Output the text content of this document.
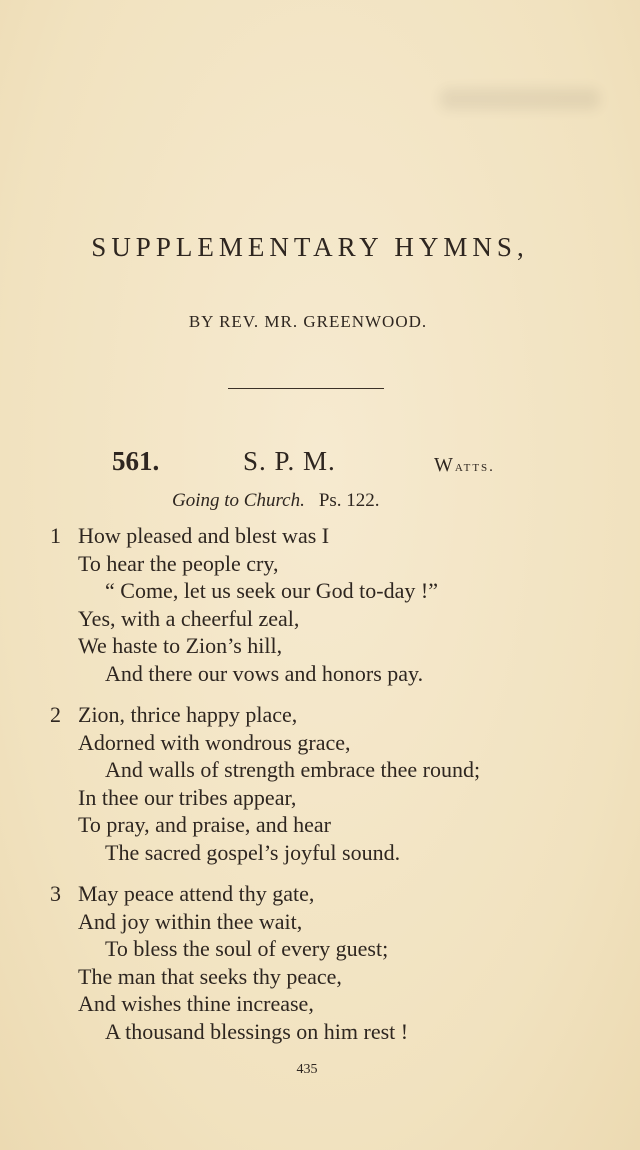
SUPPLEMENTARY HYMNS,
BY REV. MR. GREENWOOD.
561.	S. P. M.	Watts.
Going to Church. Ps. 122.
1 How pleased and blest was I
To hear the people cry,
“ Come, let us seek our God to-day !”
Yes, with a cheerful zeal,
We haste to Zion’s hill,
And there our vows and honors pay.
2 Zion, thrice happy place,
Adorned with wondrous grace,
And walls of strength embrace thee round;
In thee our tribes appear,
To pray, and praise, and hear
The sacred gospel’s joyful sound.
3 May peace attend thy gate,
And joy within thee wait,
To bless the soul of every guest;
The man that seeks thy peace,
And wishes thine increase,
A thousand blessings on him rest !
435
